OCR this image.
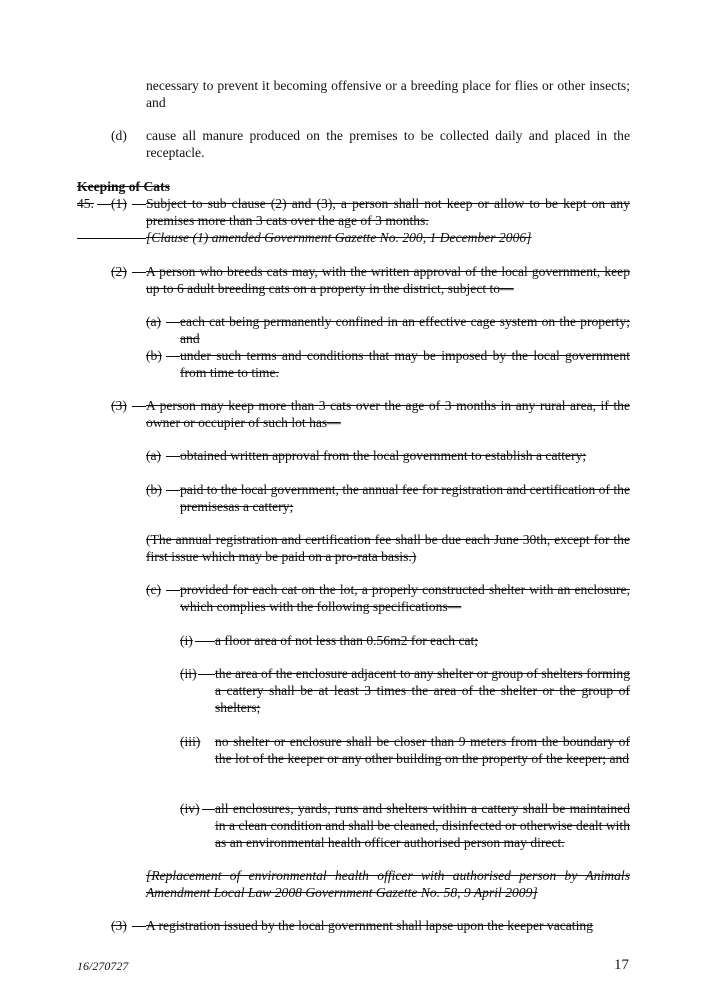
necessary to prevent it becoming offensive or a breeding place for flies or other insects; and

(d) cause all manure produced on the premises to be collected daily and placed in the receptacle.

Keeping of Cats
45. (1) Subject to sub clause (2) and (3), a person shall not keep or allow to be kept on any premises more than 3 cats over the age of 3 months.

[Clause (1) amended Government Gazette No. 200, 1 December 2006]
(2) A person who breeds cats may, with the written approval of the local government, keep up to 6 adult breeding cats on a property in the district, subject to—

(a) each cat being permanently confined in an effective cage system on the property; and

(b) under such terms and conditions that may be imposed by the local government from time to time.

(3) A person may keep more than 3 cats over the age of 3 months in any rural area, if the owner or occupier of such lot has—

(a) obtained written approval from the local government to establish a cattery;

(b) paid to the local government, the annual fee for registration and certification of the premisesas a cattery;

(The annual registration and certification fee shall be due each June 30th, except for the first issue which may be paid on a pro-rata basis.)

(c) provided for each cat on the lot, a properly constructed shelter with an enclosure, which complies with the following specifications—

(i) a floor area of not less than 0.56m2 for each cat;

(ii) the area of the enclosure adjacent to any shelter or group of shelters forming a cattery shall be at least 3 times the area of the shelter or the group of shelters;

(iii) no shelter or enclosure shall be closer than 9 meters from the boundary of the lot of the keeper or any other building on the property of the keeper; and

(iv) all enclosures, yards, runs and shelters within a cattery shall be maintained in a clean condition and shall be cleaned, disinfected or otherwise dealt with as an environmental health officer authorised person may direct.

[Replacement of environmental health officer with authorised person by Animals Amendment Local Law 2008 Government Gazette No. 58, 9 April 2009]

(3) A registration issued by the local government shall lapse upon the keeper vacating

16/270727	17
